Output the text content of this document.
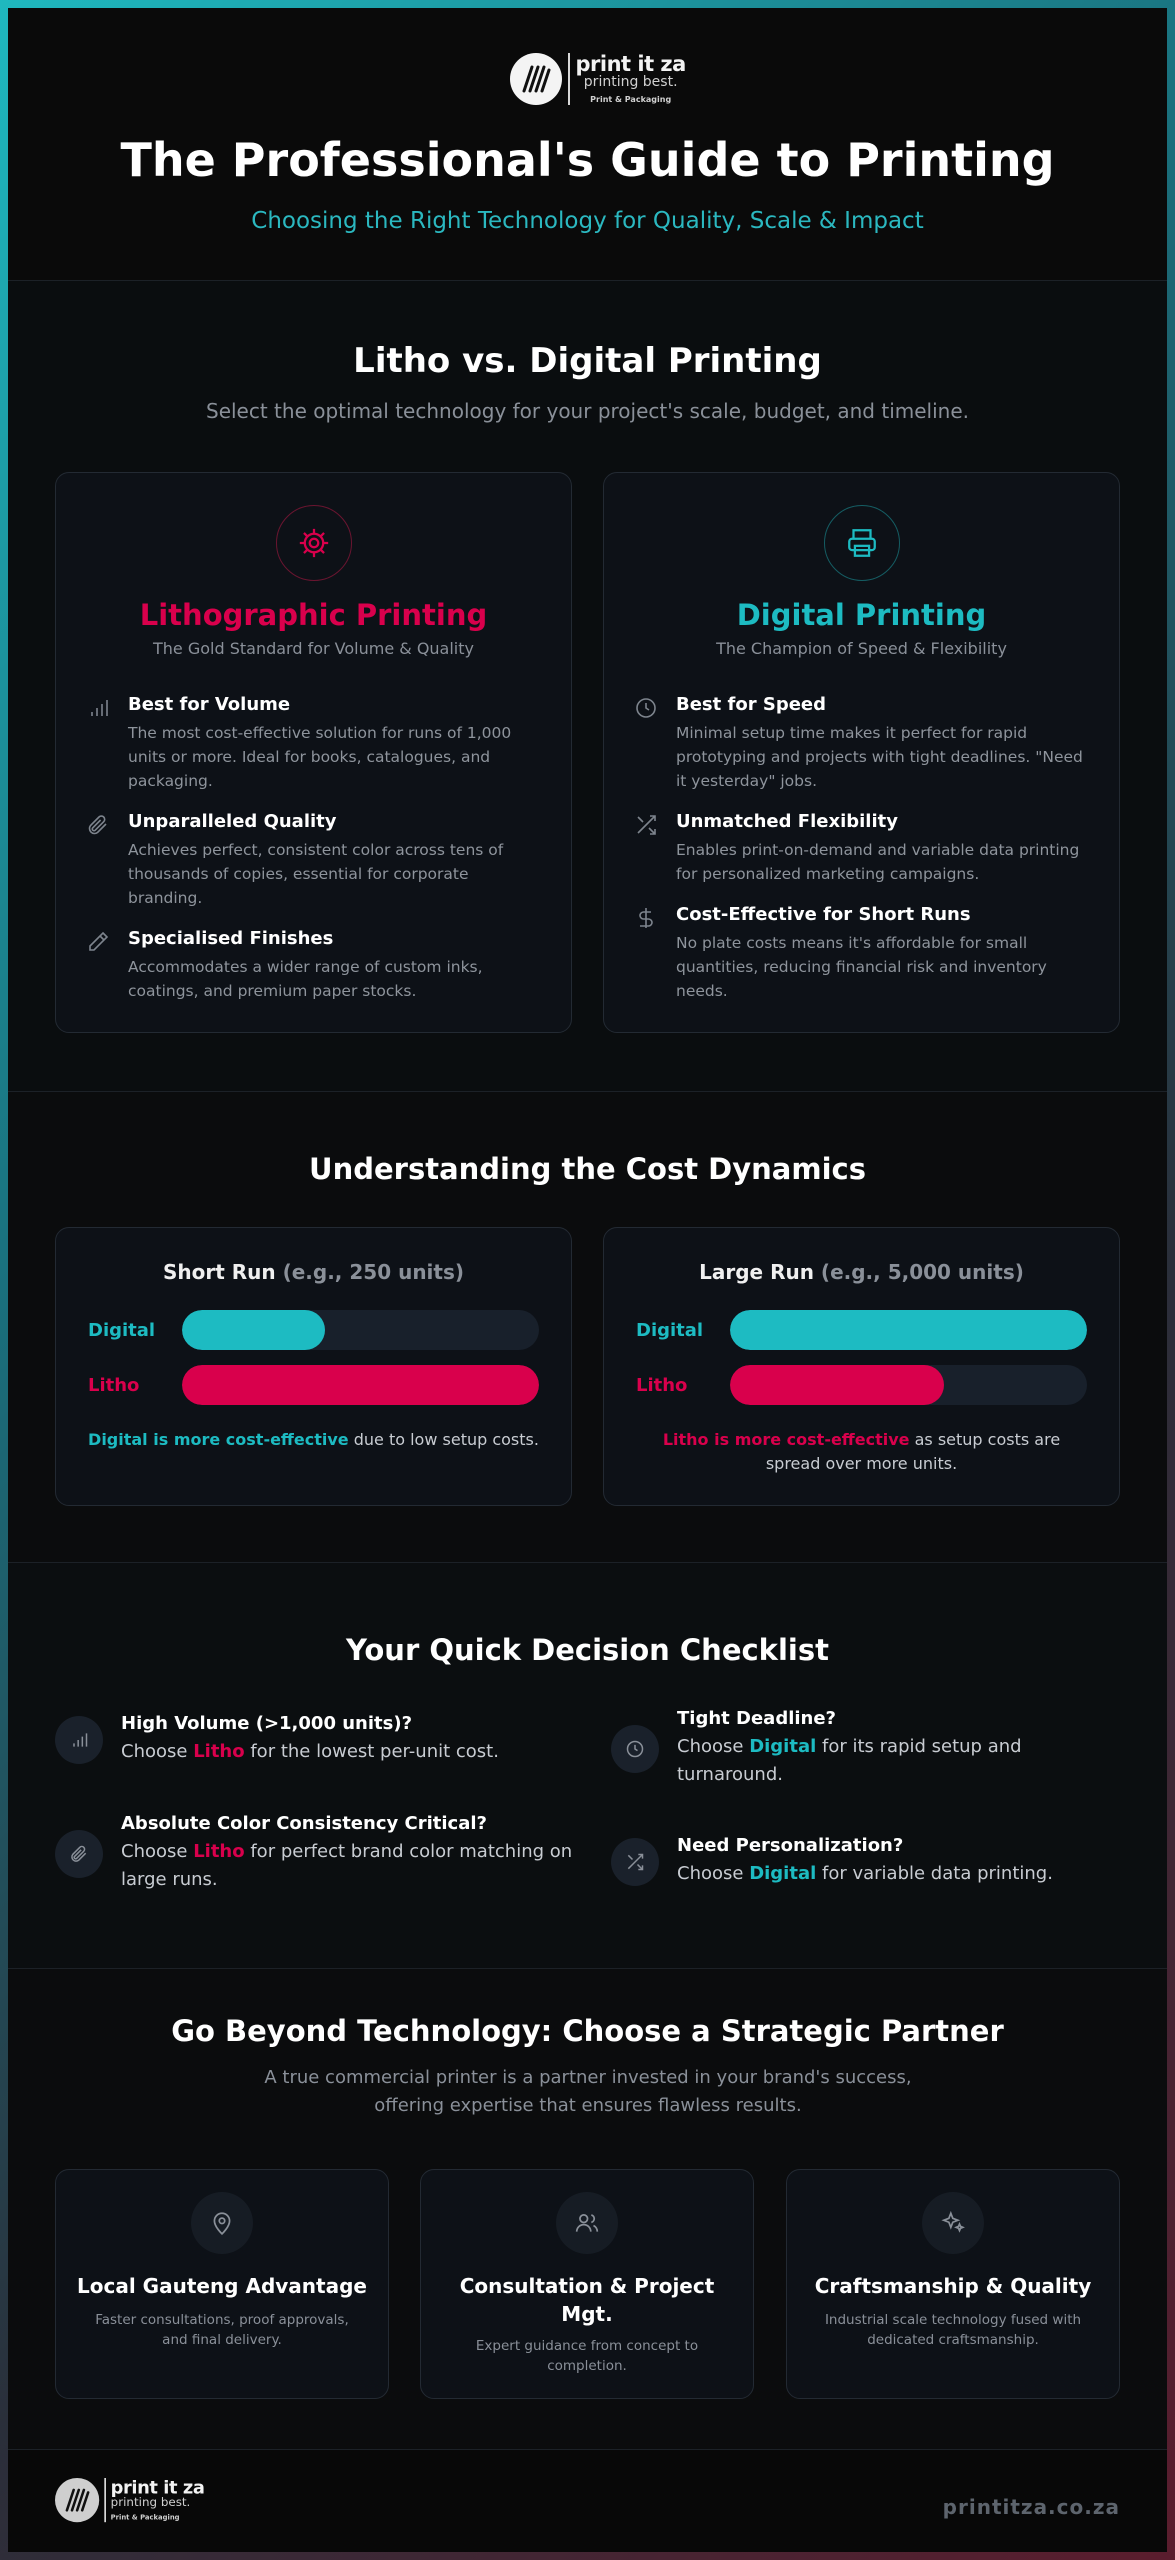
print it za
printing best.
Print & Packaging
The Professional's Guide to Printing
Choosing the Right Technology for Quality, Scale & Impact
Litho vs. Digital Printing
Select the optimal technology for your project's scale, budget, and timeline.
Lithographic Printing
The Gold Standard for Volume & Quality
Best for Volume

The most cost-effective solution for runs of 1,000 units or more. Ideal for books, catalogues, and packaging.

Unparalleled Quality

Achieves perfect, consistent color across tens of thousands of copies, essential for corporate branding.

Specialised Finishes

Accommodates a wider range of custom inks, coatings, and premium paper stocks.

Digital Printing
The Champion of Speed & Flexibility
Best for Speed

Minimal setup time makes it perfect for rapid prototyping and projects with tight deadlines. "Need it yesterday" jobs.

Unmatched Flexibility

Enables print-on-demand and variable data printing for personalized marketing campaigns.

Cost-Effective for Short Runs

No plate costs means it's affordable for small quantities, reducing financial risk and inventory needs.

Understanding the Cost Dynamics
Short Run (e.g., 250 units)
Digital
Litho
Digital is more cost-effective due to low setup costs.
Large Run (e.g., 5,000 units)
Digital
Litho
Litho is more cost-effective as setup costs are spread over more units.
Your Quick Decision Checklist
High Volume (>1,000 units)?

Choose Litho for the lowest per-unit cost.

Tight Deadline?

Choose Digital for its rapid setup and turnaround.

Absolute Color Consistency Critical?

Choose Litho for perfect brand color matching on large runs.

Need Personalization?

Choose Digital for variable data printing.

Go Beyond Technology: Choose a Strategic Partner
A true commercial printer is a partner invested in your brand's success, offering expertise that ensures flawless results.
Local Gauteng Advantage
Faster consultations, proof approvals, and final delivery.
Consultation & Project Mgt.
Expert guidance from concept to completion.
Craftsmanship & Quality
Industrial scale technology fused with dedicated craftsmanship.
print it za
printing best.
Print & Packaging	printitza.co.za
